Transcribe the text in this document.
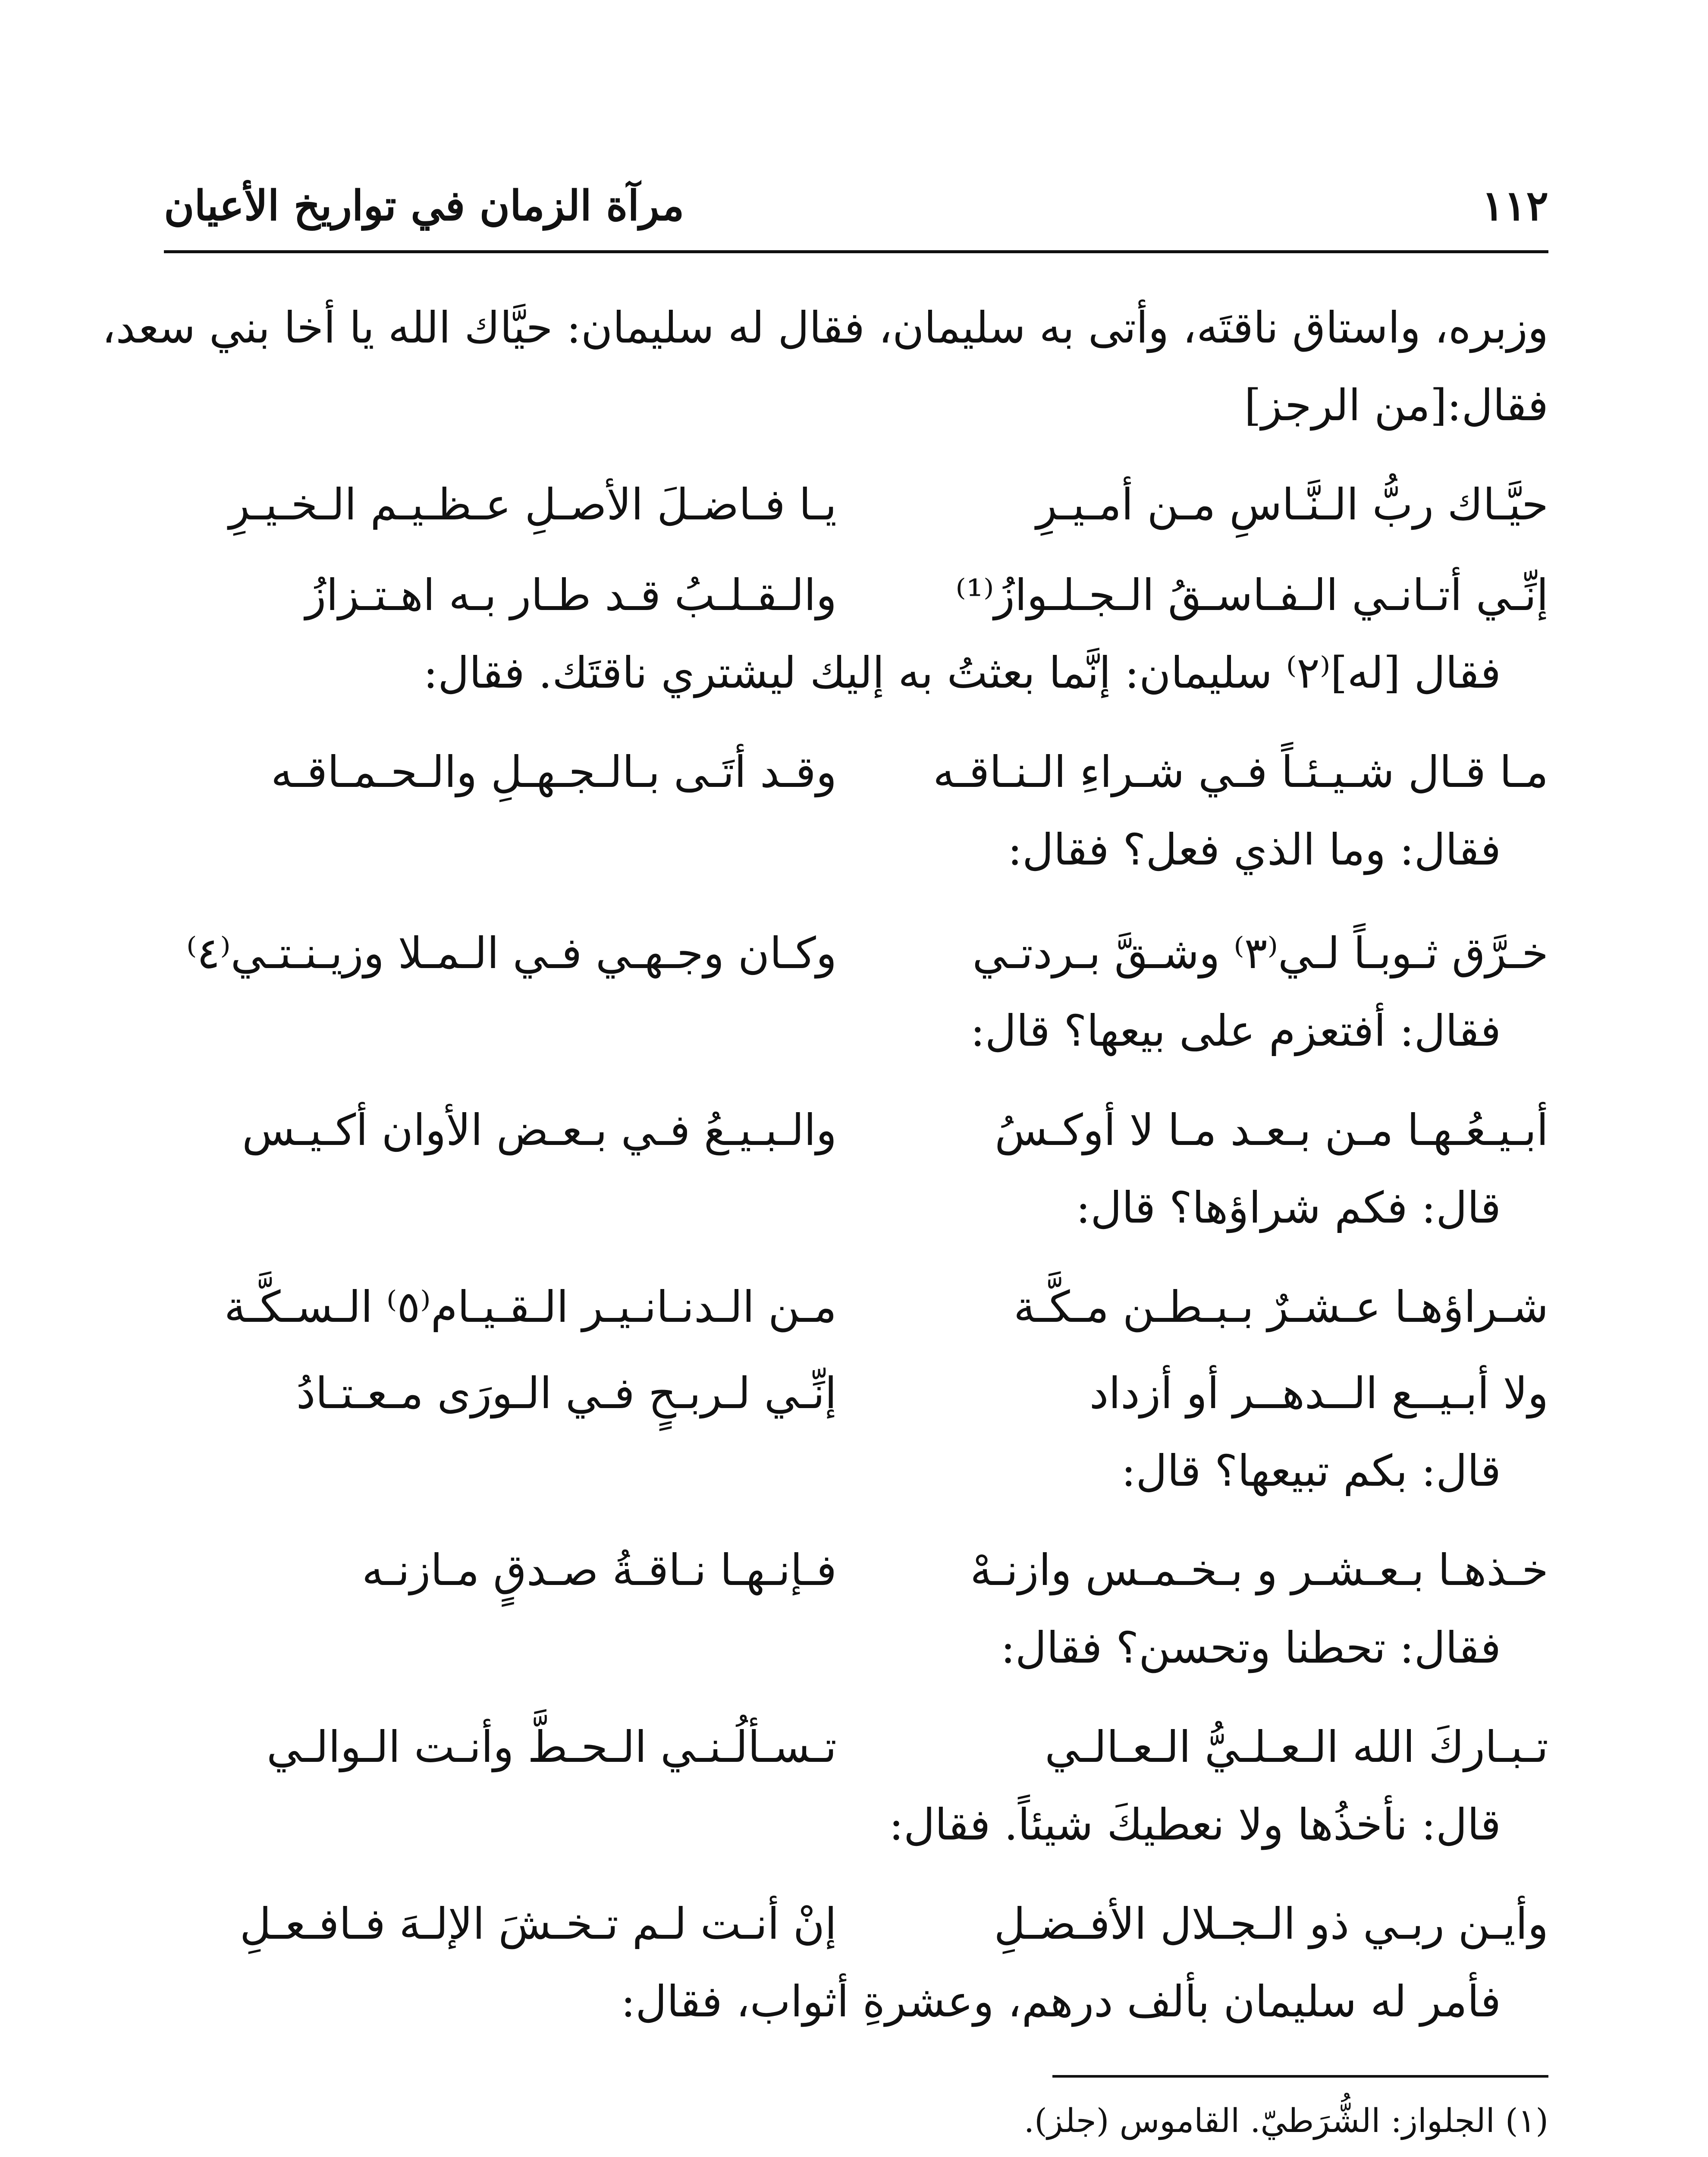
١١٢
مرآة الزمان في تواريخ الأعيان
وزبره، واستاق ناقتَه، وأتى به سليمان، فقال له سليمان: حيَّاك الله يا أخا بني سعد،
فقال:[من الرجز]
حيَّـاك ربُّ الـنَّـاسِ مـن أمـيـرِ
يـا فـاضـلَ الأصـلِ عـظـيـم الـخـيـرِ
إنِّـي أتـانـي الـفـاسـقُ الـجـلـوازُ⁽¹⁾
والـقـلـبُ قـد طـار بـه اهـتـزازُ
فقال [له]⁽٢⁾ سليمان: إنَّما بعثتُ به إليك ليشتري ناقتَك. فقال:
مـا قـال شـيـئـاً فـي شـراءِ الـنـاقـه
وقـد أتَـى بـالـجـهـلِ والـحـمـاقـه
فقال: وما الذي فعل؟ فقال:
خـرَّق ثـوبـاً لـي⁽٣⁾ وشـقَّ بـردتـي
وكـان وجـهـي فـي الـمـلا وزيـنـتـي⁽٤⁾
فقال: أفتعزم على بيعها؟ قال:
أبـيـعُـهـا مـن بـعـد مـا لا أوكـسُ
والـبـيـعُ فـي بـعـض الأوان أكـيـس
قال: فكم شراؤها؟ قال:
شـراؤهـا عـشـرٌ بـبـطـن مـكَّـة
مـن الـدنـانـيـر الـقـيـام⁽٥⁾ الـسـكَّـة
ولا أبـيــع الــدهــر أو أزداد
إنِّـي لـربـحٍ فـي الـورَى مـعـتـادُ
قال: بكم تبيعها؟ قال:
خـذهـا بـعـشـر و بـخـمـس وازنـهْ
فـإنـهـا نـاقـةُ صـدقٍ مـازنـه
فقال: تحطنا وتحسن؟ فقال:
تـبـاركَ الله الـعـلـيُّ الـعـالـي
تـسـألُـنـي الـحـطَّ وأنـت الـوالـي
قال: نأخذُها ولا نعطيكَ شيئاً. فقال:
وأيـن ربـي ذو الـجـلال الأفـضـلِ
إنْ أنـت لـم تـخـشَ الإلـهَ فـافـعـلِ
فأمر له سليمان بألف درهم، وعشرةِ أثواب، فقال:
(١) الجلواز: الشُّرَطيّ. القاموس (جلز).
